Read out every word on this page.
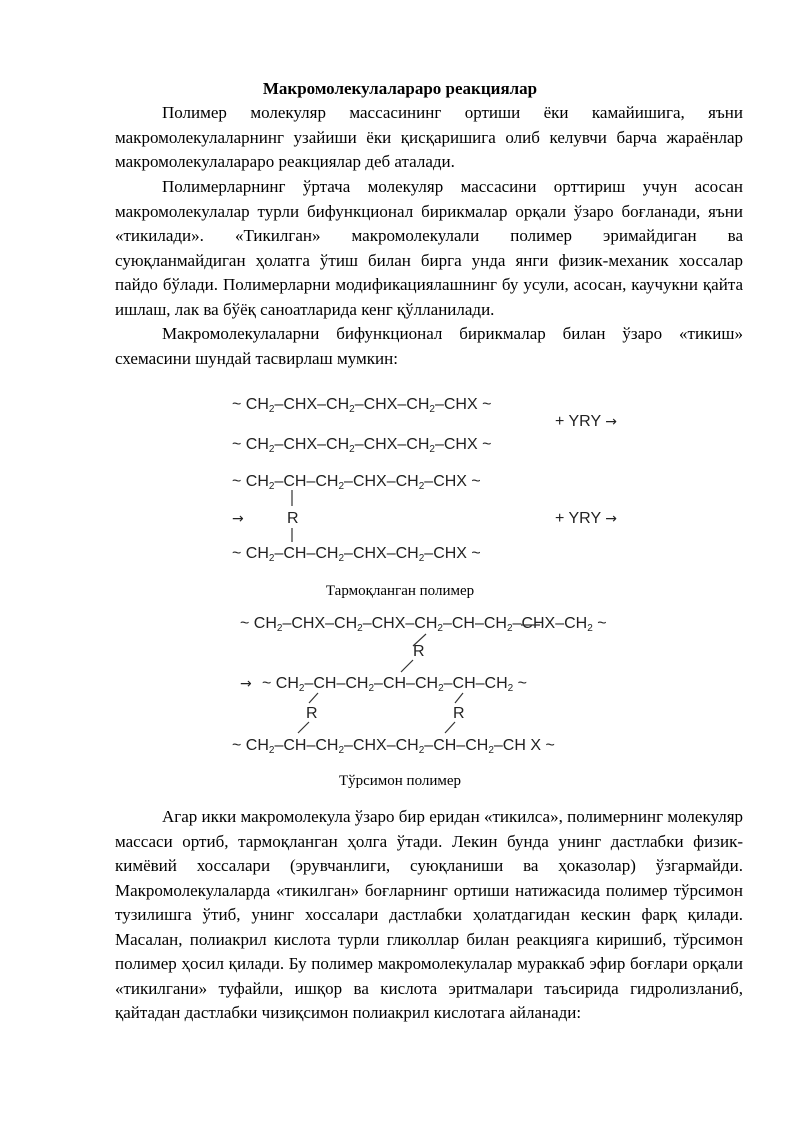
Макромолекулалараро реакциялар

Полимер молекуляр массасининг ортиши ёки камайишига, яъни макромолекулаларнинг узайиши ёки қисқаришига олиб келувчи барча жараёнлар макромолекулалараро реакциялар деб аталади.

Полимерларнинг ўртача молекуляр массасини орттириш учун асосан макромолекулалар турли бифункционал бирикмалар орқали ўзаро боғланади, яъни «тикилади». «Тикилган» макромолекулали полимер эримайдиган ва суюқланмайдиган ҳолатга ўтиш билан бирга унда янги физик-механик хоссалар пайдо бўлади. Полимерларни модификациялашнинг бу усули, асосан, каучукни қайта ишлаш, лак ва бўёқ саноатларида кенг қўлланилади.

Макромолекулаларни бифункционал бирикмалар билан ўзаро «тикиш» схемасини шундай тасвирлаш мумкин:

~ $CH_2-CHX-CH_2-CHX-CH_2$–CHX ~
+ YRY →
~ $CH_2-CHX-CH_2-CHX-CH_2$–CHX ~
~ $CH_2-CH-CH_2-CHX-CH_2$–CHX ~
→	R	+ YRY →
~ $CH_2-CH-CH_2-CHX-CH_2$–CHX ~
Тармоқланган полимер
~ $CH_2-CHX-CH_2-CHX-CH_2-CH-CH_2-CHX-CH_2$ ~
R
→ ~ $CH_2-CH-CH_2-CH-CH_2-CH-CH_2$ ~
R	R
~ $CH_2-CH-CH_2-CHX-CH_2-CH-CH_2-CH$ X ~
Тўрсимон полимер

Агар икки макромолекула ўзаро бир еридан «тикилса», полимернинг молекуляр массаси ортиб, тармоқланган ҳолга ўтади. Лекин бунда унинг дастлабки физик-кимёвий хоссалари (эрувчанлиги, суюқланиши ва ҳоказолар) ўзгармайди. Макромолекулаларда «тикилган» боғларнинг ортиши натижасида полимер тўрсимон тузилишга ўтиб, унинг хоссалари дастлабки ҳолатдагидан кескин фарқ қилади. Масалан, полиакрил кислота турли гликоллар билан реакцияга киришиб, тўрсимон полимер ҳосил қилади. Бу полимер макромолекулалар мураккаб эфир боғлари орқали «тикилгани» туфайли, ишқор ва кислота эритмалари таъсирида гидролизланиб, қайтадан дастлабки чизиқсимон полиакрил кислотага айланади:
